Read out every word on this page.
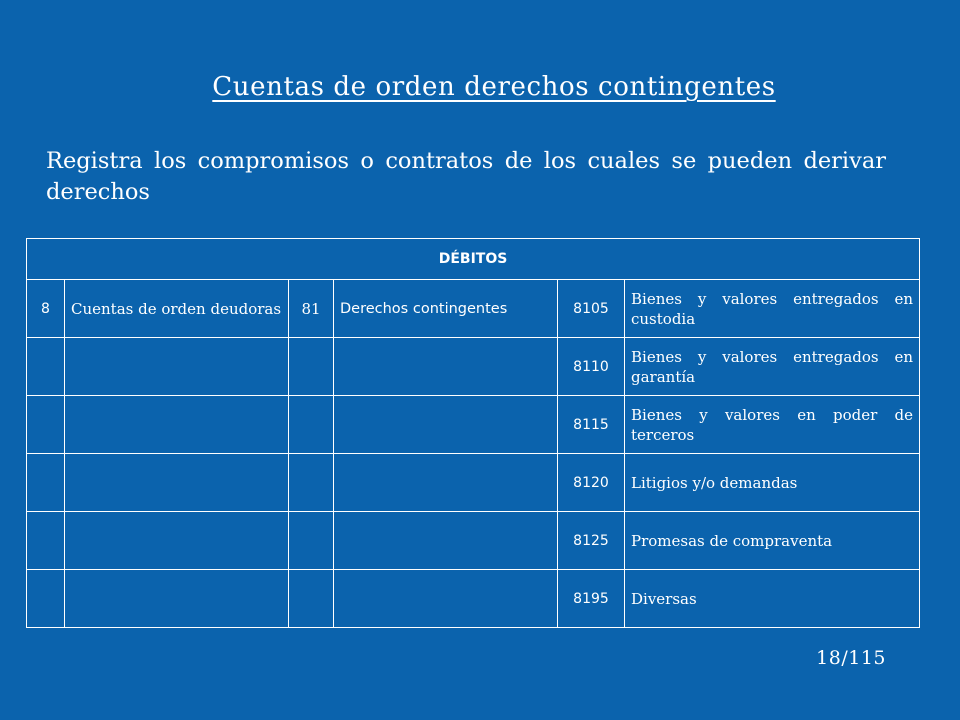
Cuentas de orden derechos contingentes
Registra los compromisos o contratos de los cuales se pueden derivar derechos
DÉBITOS					
8	Cuentas de orden deudoras	81	Derechos contingentes	8105	Bienes y valores entregados en custodia
				8110	Bienes y valores entregados en garantía
				8115	Bienes y valores en poder de terceros
				8120	Litigios y/o demandas
				8125	Promesas de compraventa
				8195	Diversas
18/115
